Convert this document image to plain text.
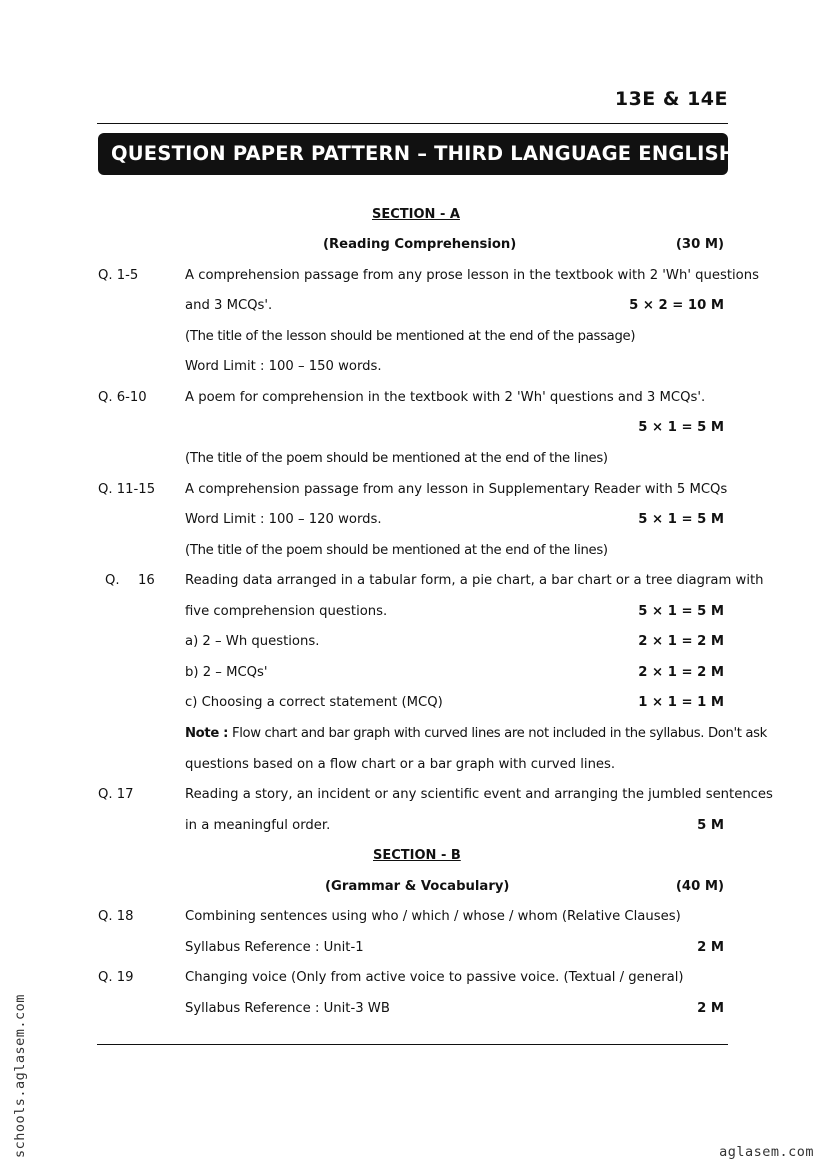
13E & 14E
QUESTION PAPER PATTERN – THIRD LANGUAGE ENGLISH
SECTION - A
(Reading Comprehension)	(30 M)
Q. 1-5	A comprehension passage from any prose lesson in the textbook with 2 'Wh' questions
and 3 MCQs'.	5 × 2 = 10 M
(The title of the lesson should be mentioned at the end of the passage)
Word Limit : 100 – 150 words.
Q. 6-10	A poem for comprehension in the textbook with 2 'Wh' questions and 3 MCQs'.
5 × 1 = 5 M
(The title of the poem should be mentioned at the end of the lines)
Q. 11-15 A comprehension passage from any lesson in Supplementary Reader with 5 MCQs
Word Limit : 100 – 120 words.	5 × 1 = 5 M
(The title of the poem should be mentioned at the end of the lines)
Q. 16 Reading data arranged in a tabular form, a pie chart, a bar chart or a tree diagram with
five comprehension questions.	5 × 1 = 5 M
a) 2 – Wh questions.	2 × 1 = 2 M
b) 2 – MCQs'	2 × 1 = 2 M
c) Choosing a correct statement (MCQ)	1 × 1 = 1 M
Note : Flow chart and bar graph with curved lines are not included in the syllabus. Don't ask
questions based on a flow chart or a bar graph with curved lines.
Q. 17	Reading a story, an incident or any scientific event and arranging the jumbled sentences
in a meaningful order.	5 M
SECTION - B
(Grammar & Vocabulary)	(40 M)
Q. 18	Combining sentences using who / which / whose / whom (Relative Clauses)
Syllabus Reference : Unit-1	2 M
Q. 19	Changing voice (Only from active voice to passive voice. (Textual / general)
Syllabus Reference : Unit-3 WB	2 M
schools.aglasem.com	aglasem.com
